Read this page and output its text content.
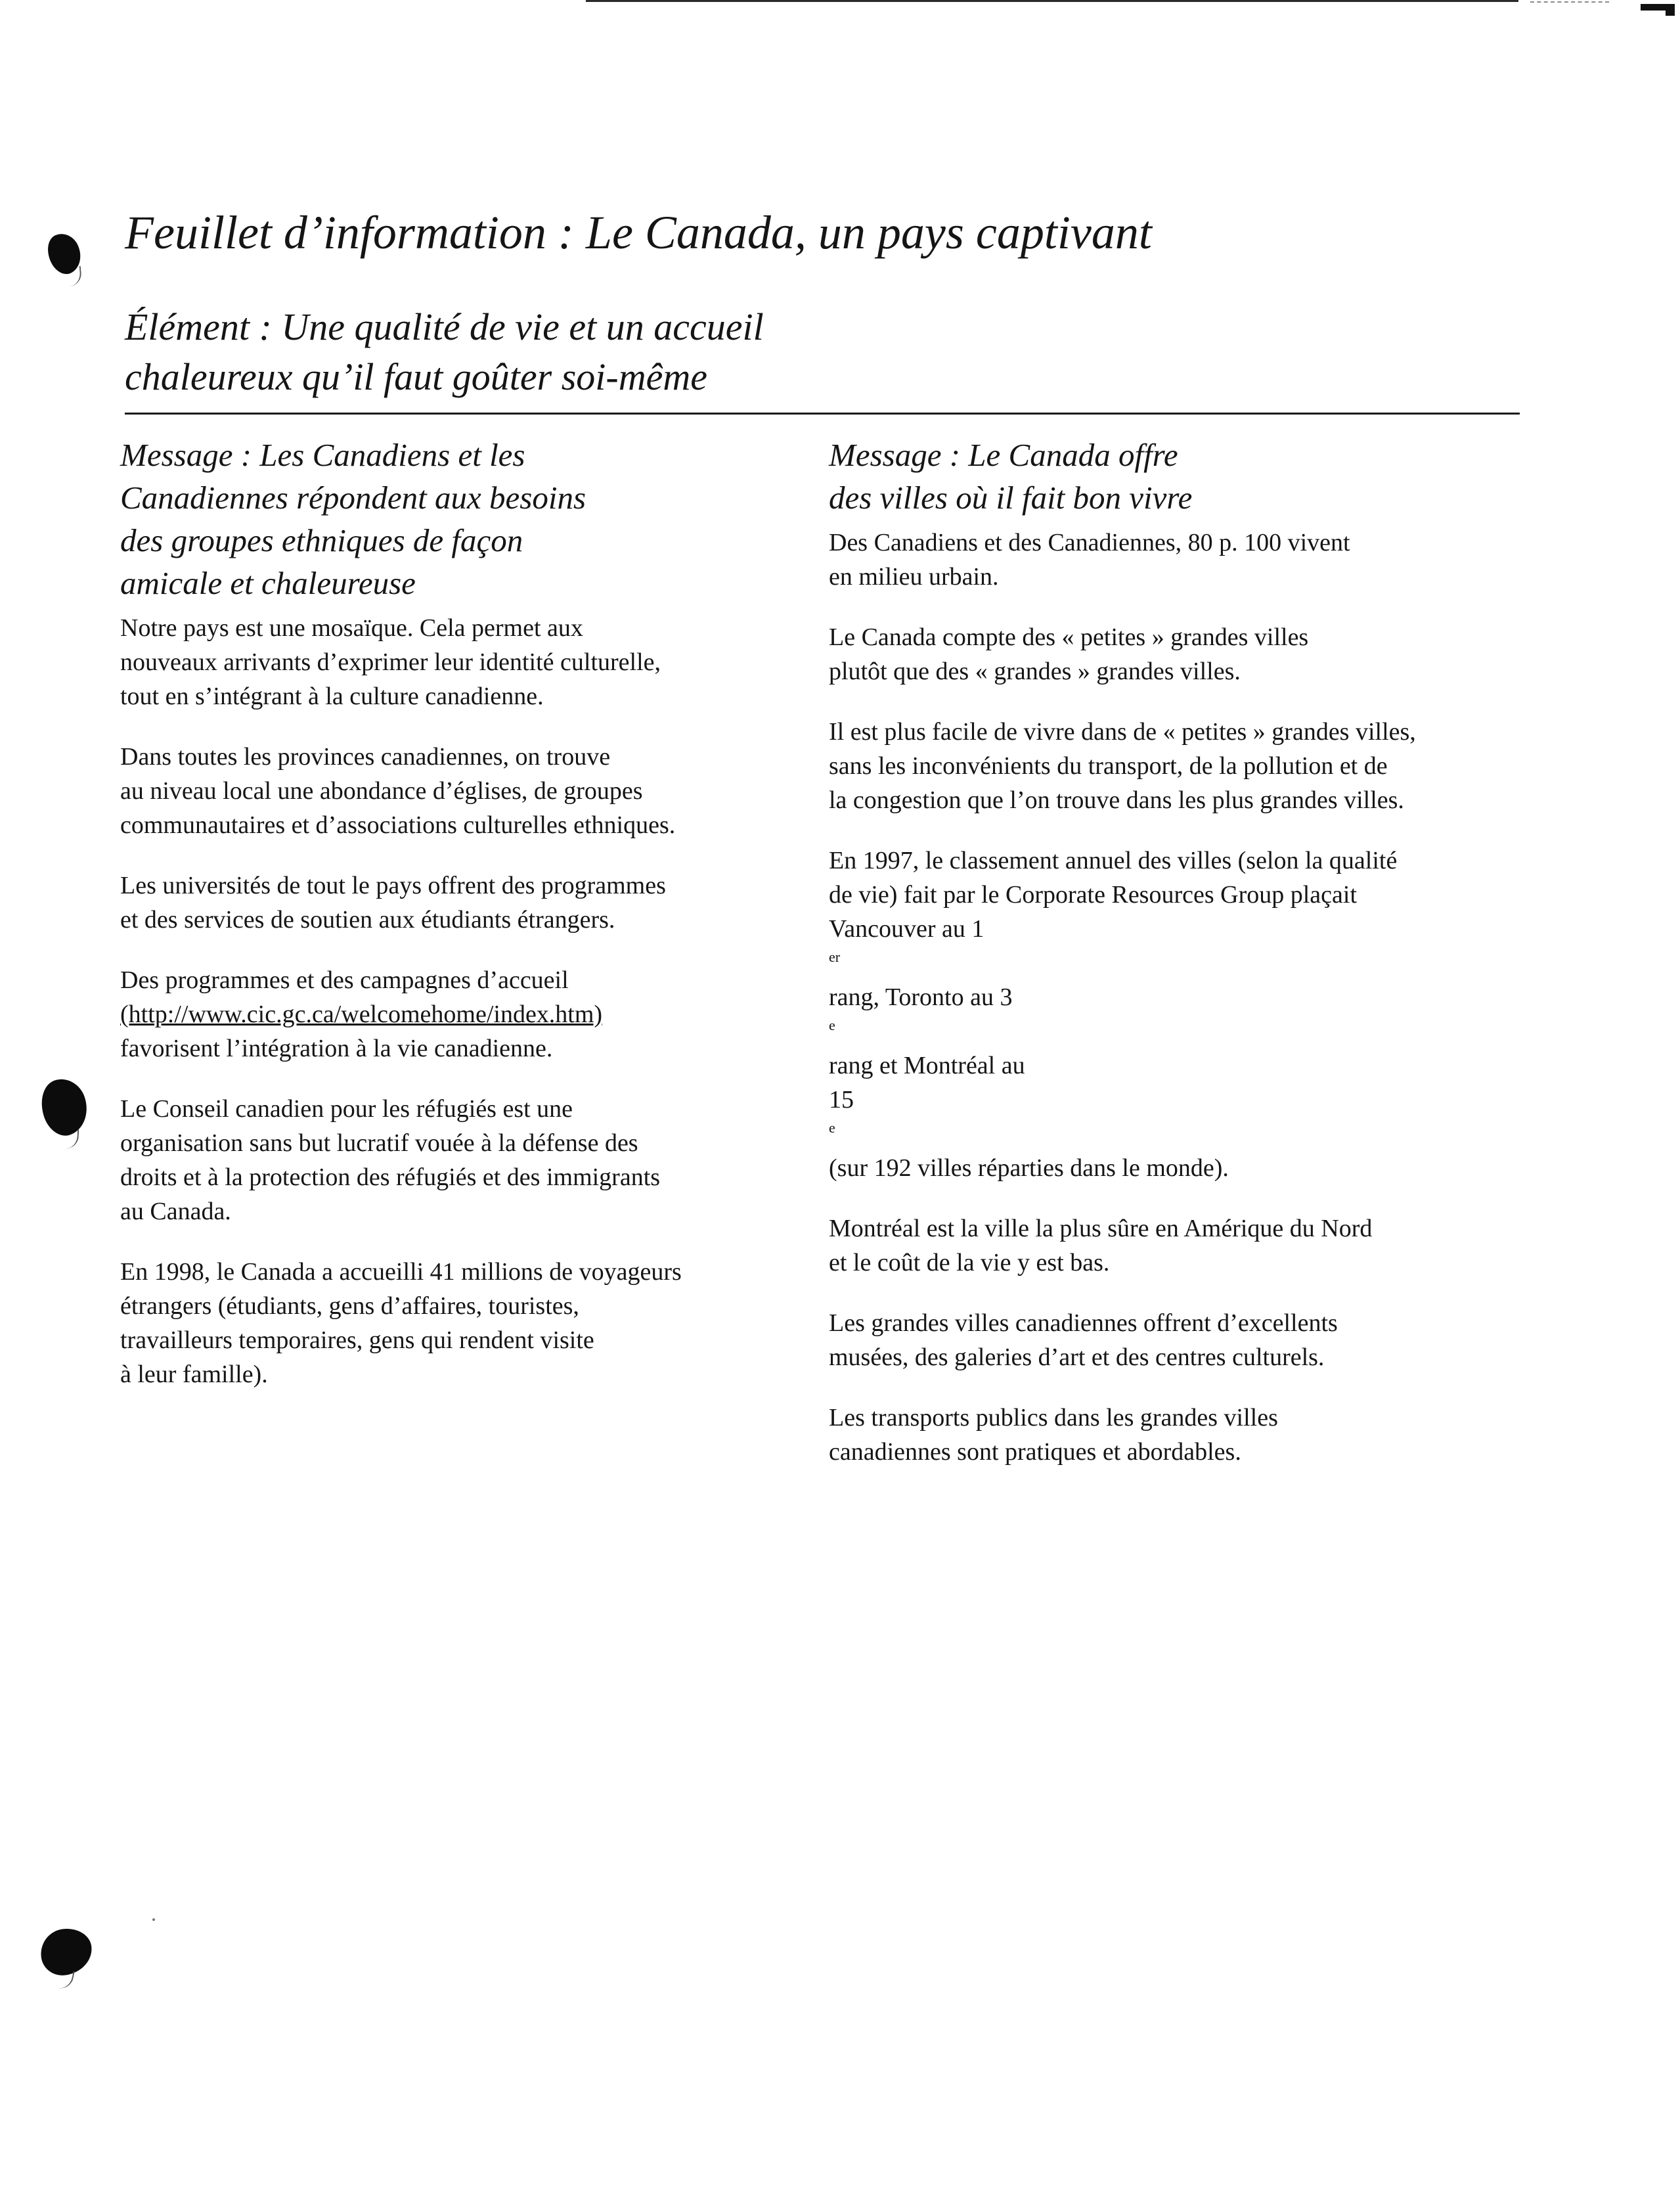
Feuillet d’information : Le Canada, un pays captivant
Élément : Une qualité de vie et un accueil
chaleureux qu’il faut goûter soi-même
Message : Les Canadiens et les
Canadiennes répondent aux besoins
des groupes ethniques de façon
amicale et chaleureuse

Notre pays est une mosaïque. Cela permet aux
nouveaux arrivants d’exprimer leur identité culturelle,
tout en s’intégrant à la culture canadienne.

Dans toutes les provinces canadiennes, on trouve
au niveau local une abondance d’églises, de groupes
communautaires et d’associations culturelles ethniques.

Les universités de tout le pays offrent des programmes
et des services de soutien aux étudiants étrangers.

Des programmes et des campagnes d’accueil
(http://www.cic.gc.ca/welcomehome/index.htm)
favorisent l’intégration à la vie canadienne.

Le Conseil canadien pour les réfugiés est une
organisation sans but lucratif vouée à la défense des
droits et à la protection des réfugiés et des immigrants
au Canada.

En 1998, le Canada a accueilli 41 millions de voyageurs
étrangers (étudiants, gens d’affaires, touristes,
travailleurs temporaires, gens qui rendent visite
à leur famille).

Message : Le Canada offre
des villes où il fait bon vivre

Des Canadiens et des Canadiennes, 80 p. 100 vivent
en milieu urbain.

Le Canada compte des « petites » grandes villes
plutôt que des « grandes » grandes villes.

Il est plus facile de vivre dans de « petites » grandes villes,
sans les inconvénients du transport, de la pollution et de
la congestion que l’on trouve dans les plus grandes villes.

En 1997, le classement annuel des villes (selon la qualité
de vie) fait par le Corporate Resources Group plaçait
Vancouver au 1
$^{er}$
rang, Toronto au 3
$^e$
rang et Montréal au
15
$^e$
(sur 192 villes réparties dans le monde).

Montréal est la ville la plus sûre en Amérique du Nord
et le coût de la vie y est bas.

Les grandes villes canadiennes offrent d’excellents
musées, des galeries d’art et des centres culturels.

Les transports publics dans les grandes villes
canadiennes sont pratiques et abordables.
